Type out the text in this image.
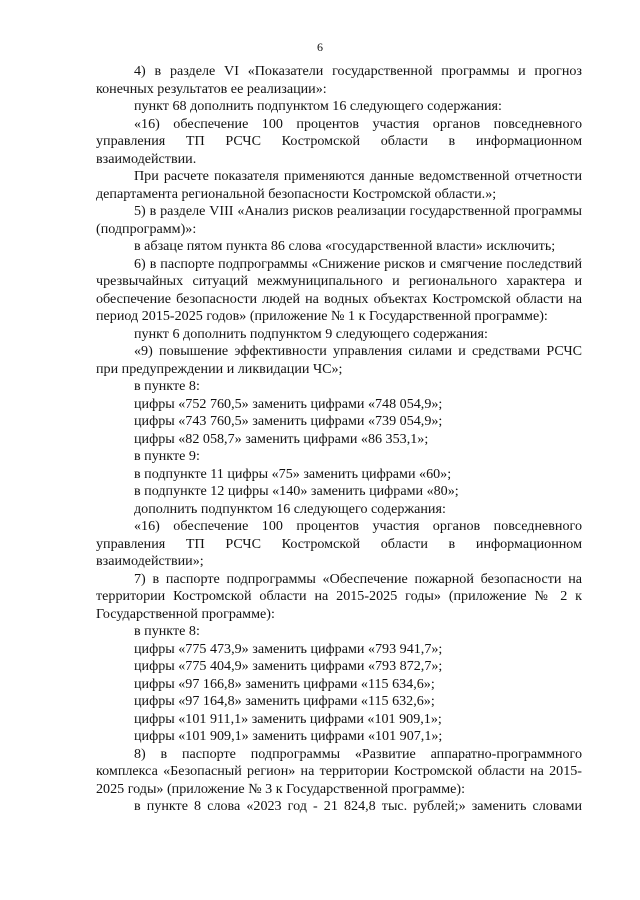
6

4) в разделе VI «Показатели государственной программы и прогноз

конечных результатов ее реализации»:

пункт 68 дополнить подпунктом 16 следующего содержания:

«16) обеспечение 100 процентов участия органов повседневного управления ТП РСЧС Костромской области в информационном взаимодействии.

При расчете показателя применяются данные ведомственной отчетности департамента региональной безопасности Костромской области.»;

5) в разделе VIII «Анализ рисков реализации государственной программы (подпрограмм)»:

в абзаце пятом пункта 86 слова «государственной власти» исключить;

6) в паспорте подпрограммы «Снижение рисков и смягчение последствий чрезвычайных ситуаций межмуниципального и регионального характера и обеспечение безопасности людей на водных объектах Костромской области на период 2015-2025 годов» (приложение № 1 к Государственной программе):

пункт 6 дополнить подпунктом 9 следующего содержания:

«9) повышение эффективности управления силами и средствами РСЧС при предупреждении и ликвидации ЧС»;

в пункте 8:

цифры «752 760,5» заменить цифрами «748 054,9»;

цифры «743 760,5» заменить цифрами «739 054,9»;

цифры «82 058,7» заменить цифрами «86 353,1»;

в пункте 9:

в подпункте 11 цифры «75» заменить цифрами «60»;

в подпункте 12 цифры «140» заменить цифрами «80»;

дополнить подпунктом 16 следующего содержания:

«16) обеспечение 100 процентов участия органов повседневного управления ТП РСЧС Костромской области в информационном взаимодействии»;

7) в паспорте подпрограммы «Обеспечение пожарной безопасности на территории Костромской области на 2015-2025 годы» (приложение № 2 к Государственной программе):

в пункте 8:

цифры «775 473,9» заменить цифрами «793 941,7»;

цифры «775 404,9» заменить цифрами «793 872,7»;

цифры «97 166,8» заменить цифрами «115 634,6»;

цифры «97 164,8» заменить цифрами «115 632,6»;

цифры «101 911,1» заменить цифрами «101 909,1»;

цифры «101 909,1» заменить цифрами «101 907,1»;

8) в паспорте подпрограммы «Развитие аппаратно-программного комплекса «Безопасный регион» на территории Костромской области на 2015-2025 годы» (приложение № 3 к Государственной программе):

в пункте 8 слова «2023 год - 21 824,8 тыс. рублей;» заменить словами
